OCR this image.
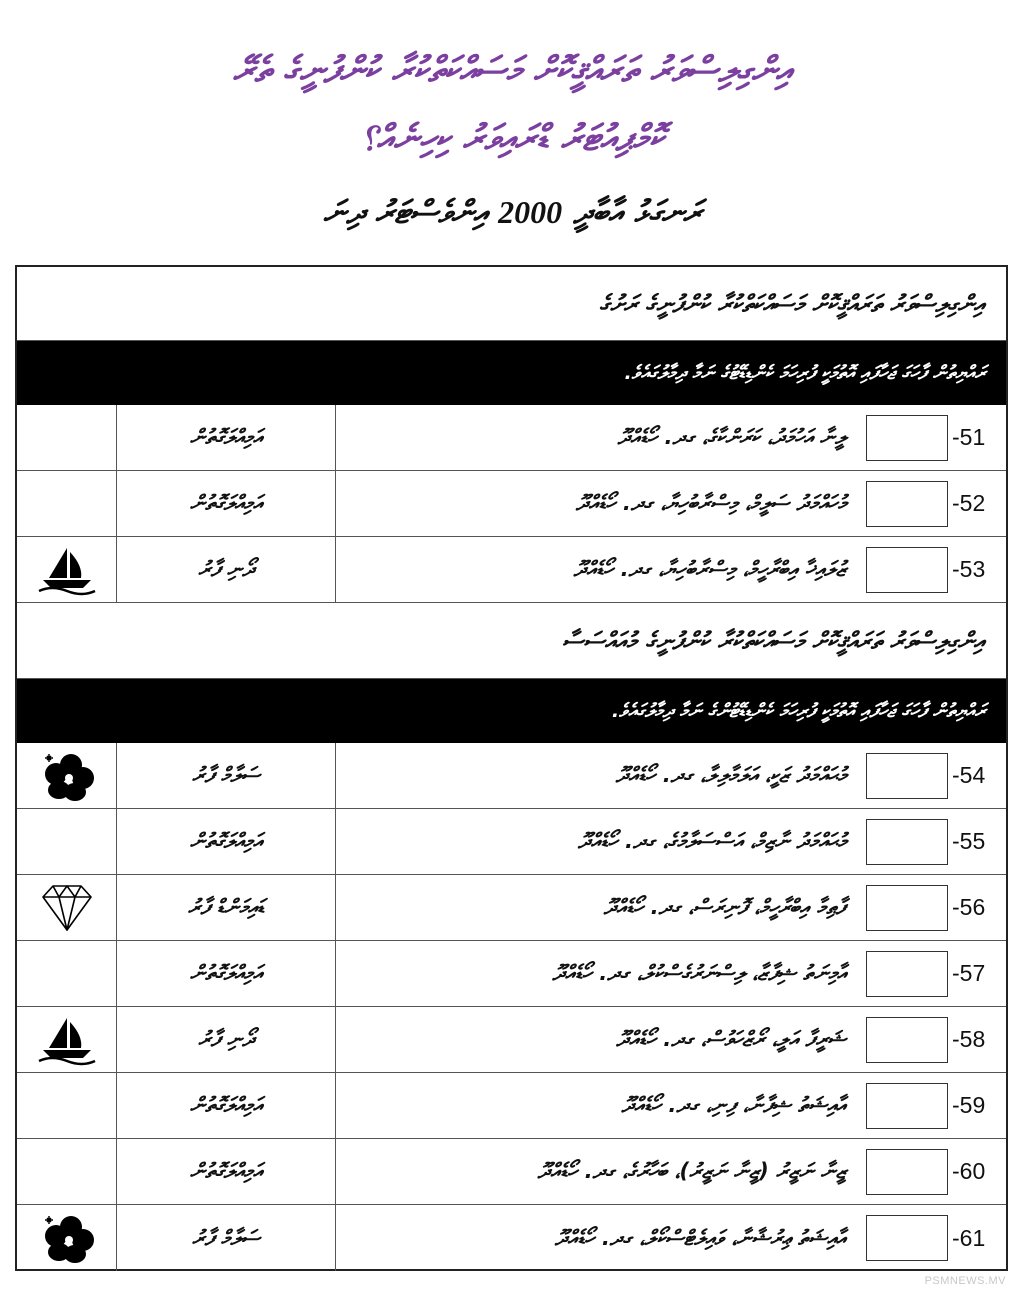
އިންގިލިސްވަރު ތަރައްޤީކޮށް މަސައްކަތްކުރާ ކުންފުނީގެ ތެރޭ
ކޮމްޕިއުޓަރު ޑްރައިވަރު ކިހިނެއް؟
ރަނގަޅު އާބާދީ 2000 އިންވެސްޓަރު ދިނަ
އިންގިލިސްވަރު ތަރައްޤީކޮށް މަސައްކަތްކުރާ ކުންފުނީގެ ރަށުގެ
ރައްޔިތުން ފާހަގަ ޖަހާފައި އޮތުމަކީ ފުރިހަމަ ކެންޑިޑޭޓުގެ ނަމާ ދިމާލުގައެވެ.
އަމިއްލަގޮތުން	ލީނާ އަހުމަދު، ކަރަންކާގެ، ގދ. ހޯޑެއްދޫ	- 51
އަމިއްލަގޮތުން	މުހައްމަދު ސަލީމް، މިސްރާބުހިޔާ، ގދ. ހޯޑެއްދޫ	- 52
ދޯނި ފާރު	ޒުލައިޚާ އިބްރާހީމް، މިސްރާބުހިޔާ، ގދ. ހޯޑެއްދޫ	- 53
އިންގިލިސްވަރު ތަރައްޤީކޮށް މަސައްކަތްކުރާ ކުންފުނީގެ މުއައްސަސާ
ރައްޔިތުން ފާހަގަ ޖަހާފައި އޮތުމަކީ ފުރިހަމަ ކެންޑިޑޭޓުންގެ ނަމާ ދިމާލުގައެވެ.
ސަލާމް ފާރު	މުޙައްމަދު ޒަކީ، އަލަމާލިލާ، ގދ. ހޯޑެއްދޫ	- 54
އަމިއްލަގޮތުން	މުޙައްމަދު ނާޒިމް، އަސްސަލާމުގެ، ގދ. ހޯޑެއްދޫ	- 55
ޑައިމަންޑް ފާރު	ފާޠިމާ އިބްރާހީމް، ފޮނިރަސް، ގދ. ހޯޑެއްދޫ	- 56
އަމިއްލަގޮތުން	އާމިނަތު ޝިފާޒާ، ލިސްނަރުގެސްކުލް، ގދ. ހޯޑެއްދޫ	- 57
ދޯނި ފާރު	ޝަރީފާ އަލީ، ރޯޒްހަވުސް، ގދ. ހޯޑެއްދޫ	- 58
އަމިއްލަގޮތުން	އާއިޝަތު ޝިފާނާ، ފިނި، ގދ. ހޯޑެއްދޫ	- 59
އަމިއްލަގޮތުން	ޒީނާ ނަޒީރު (ޒީނާ ނަޒީރު)، ބަހާރުގެ، ގދ. ހޯޑެއްދޫ	- 60
ސަލާމް ފާރު	އާއިޝަތު ޢިރުޝާނާ، ވައިލެޓްސްކޯލް، ގދ. ހޯޑެއްދޫ	- 61
PSMNEWS.MV
